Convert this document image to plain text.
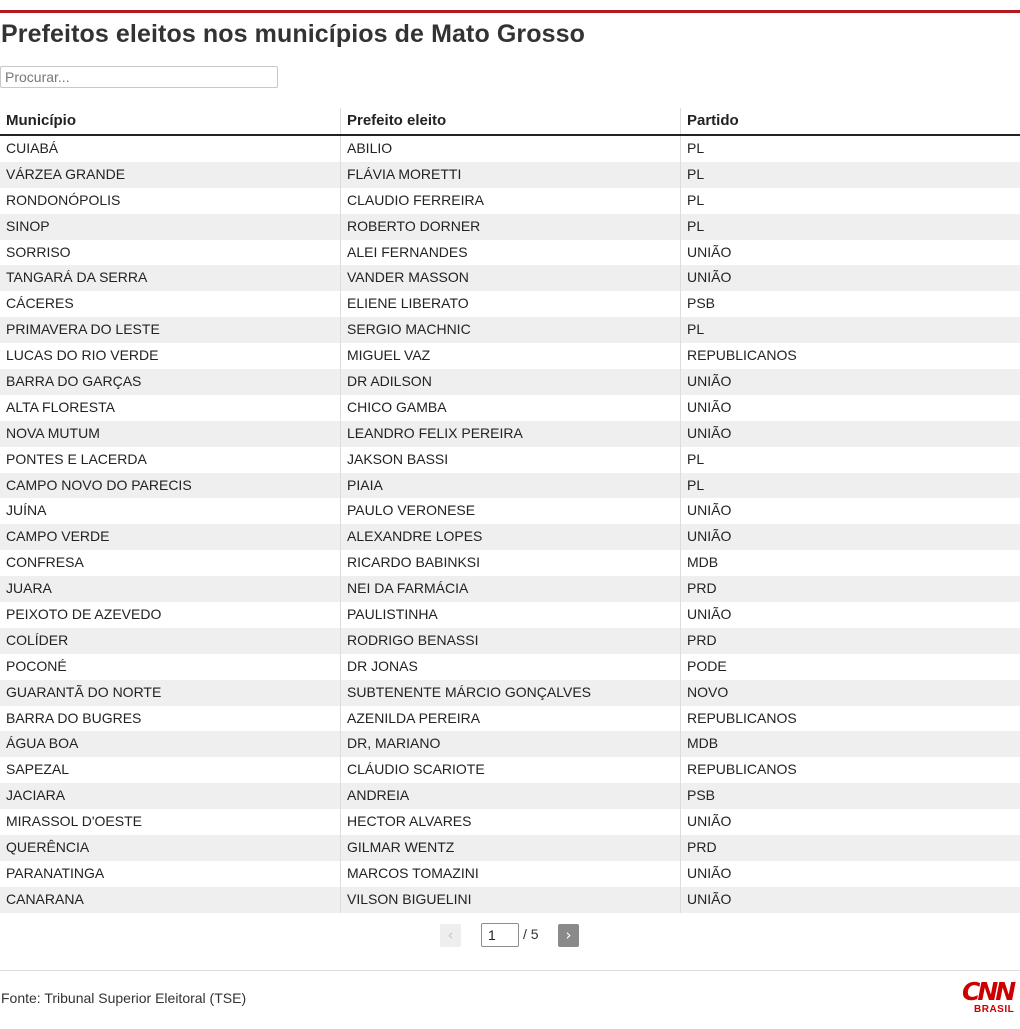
Prefeitos eleitos nos municípios de Mato Grosso
Procurar...
Município	Prefeito eleito	Partido
CUIABÁ	ABILIO	PL
VÁRZEA GRANDE	FLÁVIA MORETTI	PL
RONDONÓPOLIS	CLAUDIO FERREIRA	PL
SINOP	ROBERTO DORNER	PL
SORRISO	ALEI FERNANDES	UNIÃO
TANGARÁ DA SERRA	VANDER MASSON	UNIÃO
CÁCERES	ELIENE LIBERATO	PSB
PRIMAVERA DO LESTE	SERGIO MACHNIC	PL
LUCAS DO RIO VERDE	MIGUEL VAZ	REPUBLICANOS
BARRA DO GARÇAS	DR ADILSON	UNIÃO
ALTA FLORESTA	CHICO GAMBA	UNIÃO
NOVA MUTUM	LEANDRO FELIX PEREIRA	UNIÃO
PONTES E LACERDA	JAKSON BASSI	PL
CAMPO NOVO DO PARECIS	PIAIA	PL
JUÍNA	PAULO VERONESE	UNIÃO
CAMPO VERDE	ALEXANDRE LOPES	UNIÃO
CONFRESA	RICARDO BABINKSI	MDB
JUARA	NEI DA FARMÁCIA	PRD
PEIXOTO DE AZEVEDO	PAULISTINHA	UNIÃO
COLÍDER	RODRIGO BENASSI	PRD
POCONÉ	DR JONAS	PODE
GUARANTÃ DO NORTE	SUBTENENTE MÁRCIO GONÇALVES	NOVO
BARRA DO BUGRES	AZENILDA PEREIRA	REPUBLICANOS
ÁGUA BOA	DR, MARIANO	MDB
SAPEZAL	CLÁUDIO SCARIOTE	REPUBLICANOS
JACIARA	ANDREIA	PSB
MIRASSOL D'OESTE	HECTOR ALVARES	UNIÃO
QUERÊNCIA	GILMAR WENTZ	PRD
PARANATINGA	MARCOS TOMAZINI	UNIÃO
CANARANA	VILSON BIGUELINI	UNIÃO
‹
1	/ 5	›
Fonte: Tribunal Superior Eleitoral (TSE)	CNN
BRASIL
